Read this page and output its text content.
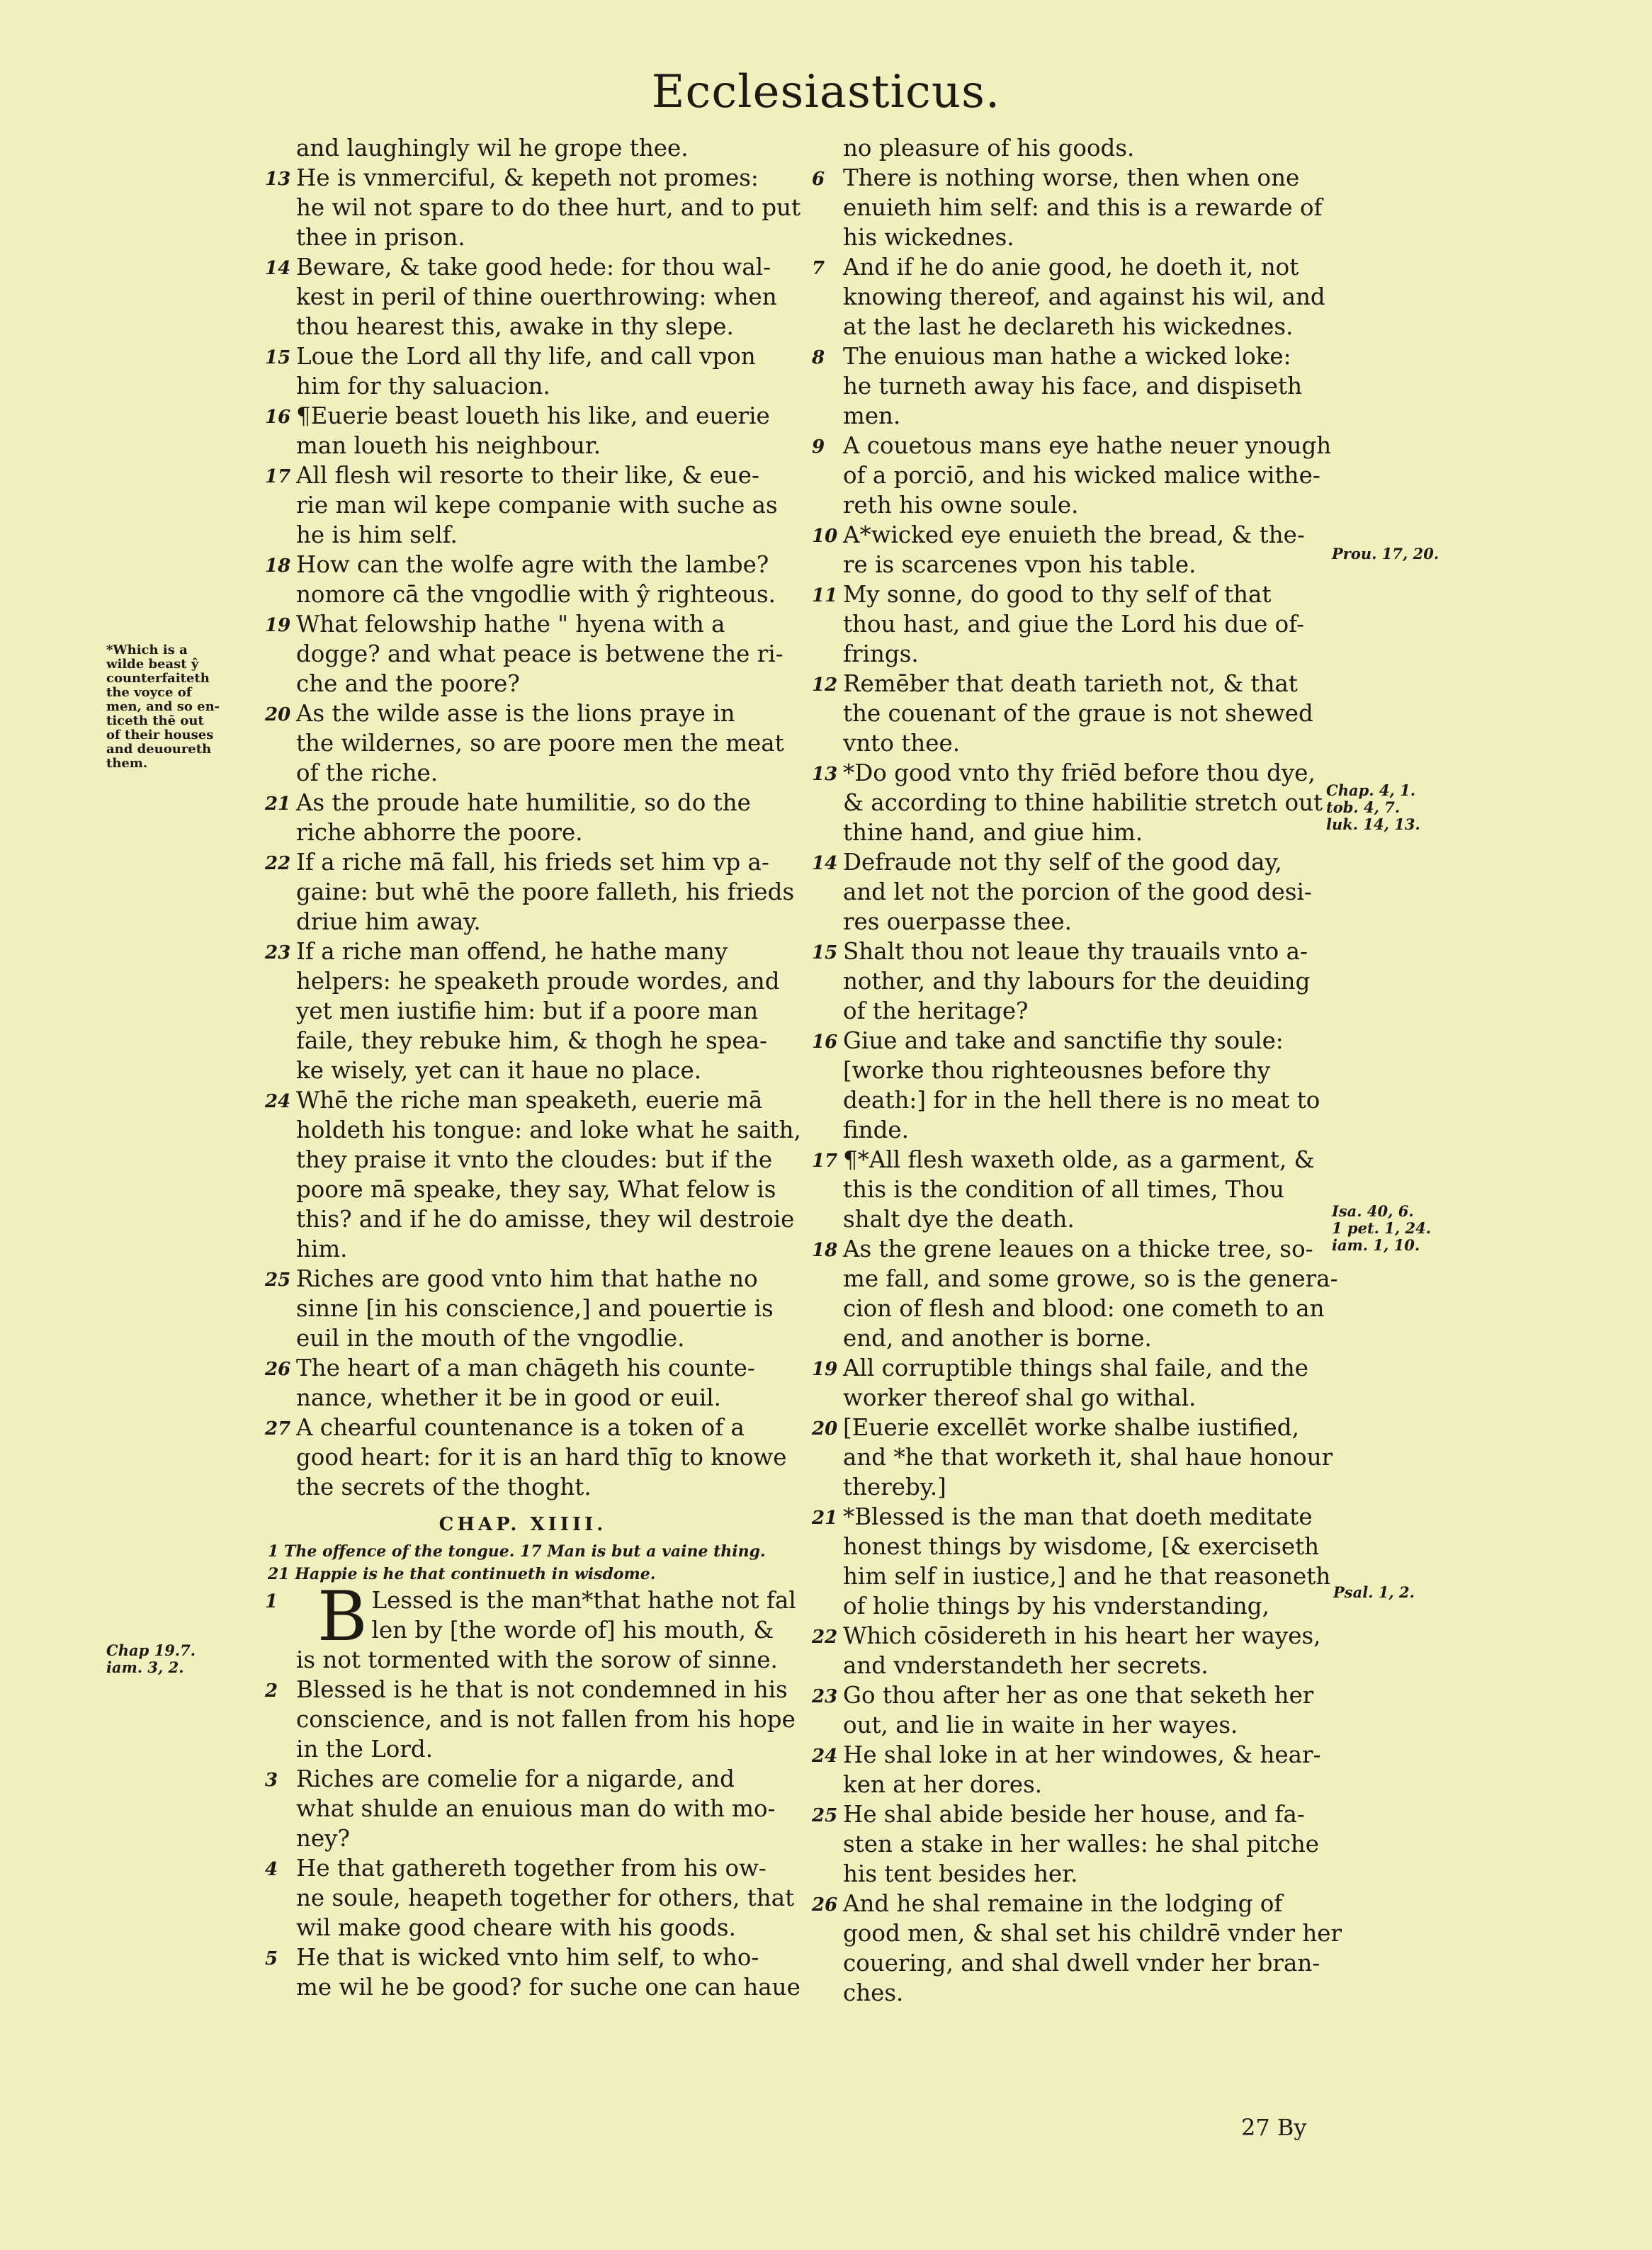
Ecclesiasticus.
and laughingly wil he grope thee.
13 He is vnmerciful, & kepeth not promes:
he wil not spare to do thee hurt, and to put
thee in prison.
14 Beware, & take good hede: for thou wal-
kest in peril of thine ouerthrowing: when
thou hearest this, awake in thy slepe.
15 Loue the Lord all thy life, and call vpon
him for thy saluacion.
16 ¶Euerie beast loueth his like, and euerie
man loueth his neighbour.
17 All flesh wil resorte to their like, & eue-
rie man wil kepe companie with suche as
he is him self.
18 How can the wolfe agre with the lambe?
nomore cā the vngodlie with ŷ righteous.
19 What felowship hathe " hyena with a
dogge? and what peace is betwene the ri-
che and the poore?
20 As the wilde asse is the lions praye in
the wildernes, so are poore men the meat
of the riche.
21 As the proude hate humilitie, so do the
riche abhorre the poore.
22 If a riche mā fall, his frieds set him vp a-
gaine: but whē the poore falleth, his frieds
driue him away.
23 If a riche man offend, he hathe many
helpers: he speaketh proude wordes, and
yet men iustifie him: but if a poore man
faile, they rebuke him, & thogh he spea-
ke wisely, yet can it haue no place.
24 Whē the riche man speaketh, euerie mā
holdeth his tongue: and loke what he saith,
they praise it vnto the cloudes: but if the
poore mā speake, they say, What felow is
this? and if he do amisse, they wil destroie
him.
25 Riches are good vnto him that hathe no
sinne [in his conscience,] and pouertie is
euil in the mouth of the vngodlie.
26 The heart of a man chāgeth his counte-
nance, whether it be in good or euil.
27 A chearful countenance is a token of a
good heart: for it is an hard thīg to knowe
the secrets of the thoght.
CHAP. XIIII.
1 The offence of the tongue. 17 Man is but a vaine thing.
21 Happie is he that continueth in wisdome.
1 B Lessed is the man*that hathe not fal
len by [the worde of] his mouth, &
is not tormented with the sorow of sinne.
2 Blessed is he that is not condemned in his
conscience, and is not fallen from his hope
in the Lord.
3 Riches are comelie for a nigarde, and
what shulde an enuious man do with mo-
ney?
4 He that gathereth together from his ow-
ne soule, heapeth together for others, that
wil make good cheare with his goods.
5 He that is wicked vnto him self, to who-
me wil he be good? for suche one can haue
no pleasure of his goods.
6 There is nothing worse, then when one
enuieth him self: and this is a rewarde of
his wickednes.
7 And if he do anie good, he doeth it, not
knowing thereof, and against his wil, and
at the last he declareth his wickednes.
8 The enuious man hathe a wicked loke:
he turneth away his face, and dispiseth
men.
9 A couetous mans eye hathe neuer ynough
of a porciō, and his wicked malice withe-
reth his owne soule.
10 A*wicked eye enuieth the bread, & the-
re is scarcenes vpon his table.
11 My sonne, do good to thy self of that
thou hast, and giue the Lord his due of-
frings.
12 Remēber that death tarieth not, & that
the couenant of the graue is not shewed
vnto thee.
13 *Do good vnto thy friēd before thou dye,
& according to thine habilitie stretch out
thine hand, and giue him.
14 Defraude not thy self of the good day,
and let not the porcion of the good desi-
res ouerpasse thee.
15 Shalt thou not leaue thy trauails vnto a-
nother, and thy labours for the deuiding
of the heritage?
16 Giue and take and sanctifie thy soule:
[worke thou righteousnes before thy
death:] for in the hell there is no meat to
finde.
17 ¶*All flesh waxeth olde, as a garment, &
this is the condition of all times, Thou
shalt dye the death.
18 As the grene leaues on a thicke tree, so-
me fall, and some growe, so is the genera-
cion of flesh and blood: one cometh to an
end, and another is borne.
19 All corruptible things shal faile, and the
worker thereof shal go withal.
20 [Euerie excellēt worke shalbe iustified,
and *he that worketh it, shal haue honour
thereby.]
21 *Blessed is the man that doeth meditate
honest things by wisdome, [& exerciseth
him self in iustice,] and he that reasoneth
of holie things by his vnderstanding,
22 Which cōsidereth in his heart her wayes,
and vnderstandeth her secrets.
23 Go thou after her as one that seketh her
out, and lie in waite in her wayes.
24 He shal loke in at her windowes, & hear-
ken at her dores.
25 He shal abide beside her house, and fa-
sten a stake in her walles: he shal pitche
his tent besides her.
26 And he shal remaine in the lodging of
good men, & shal set his childrē vnder her
couering, and shal dwell vnder her bran-
ches.
*Which is a
wilde beast ŷ
counterfaiteth
the voyce of
men, and so en-
ticeth thē out
of their houses
and deuoureth
them.
Chap 19.7.
iam. 3, 2.
Prou. 17, 20.
Chap. 4, 1.
tob. 4, 7.
luk. 14, 13.
Isa. 40, 6.
1 pet. 1, 24.
iam. 1, 10.
Psal. 1, 2.
27 By
